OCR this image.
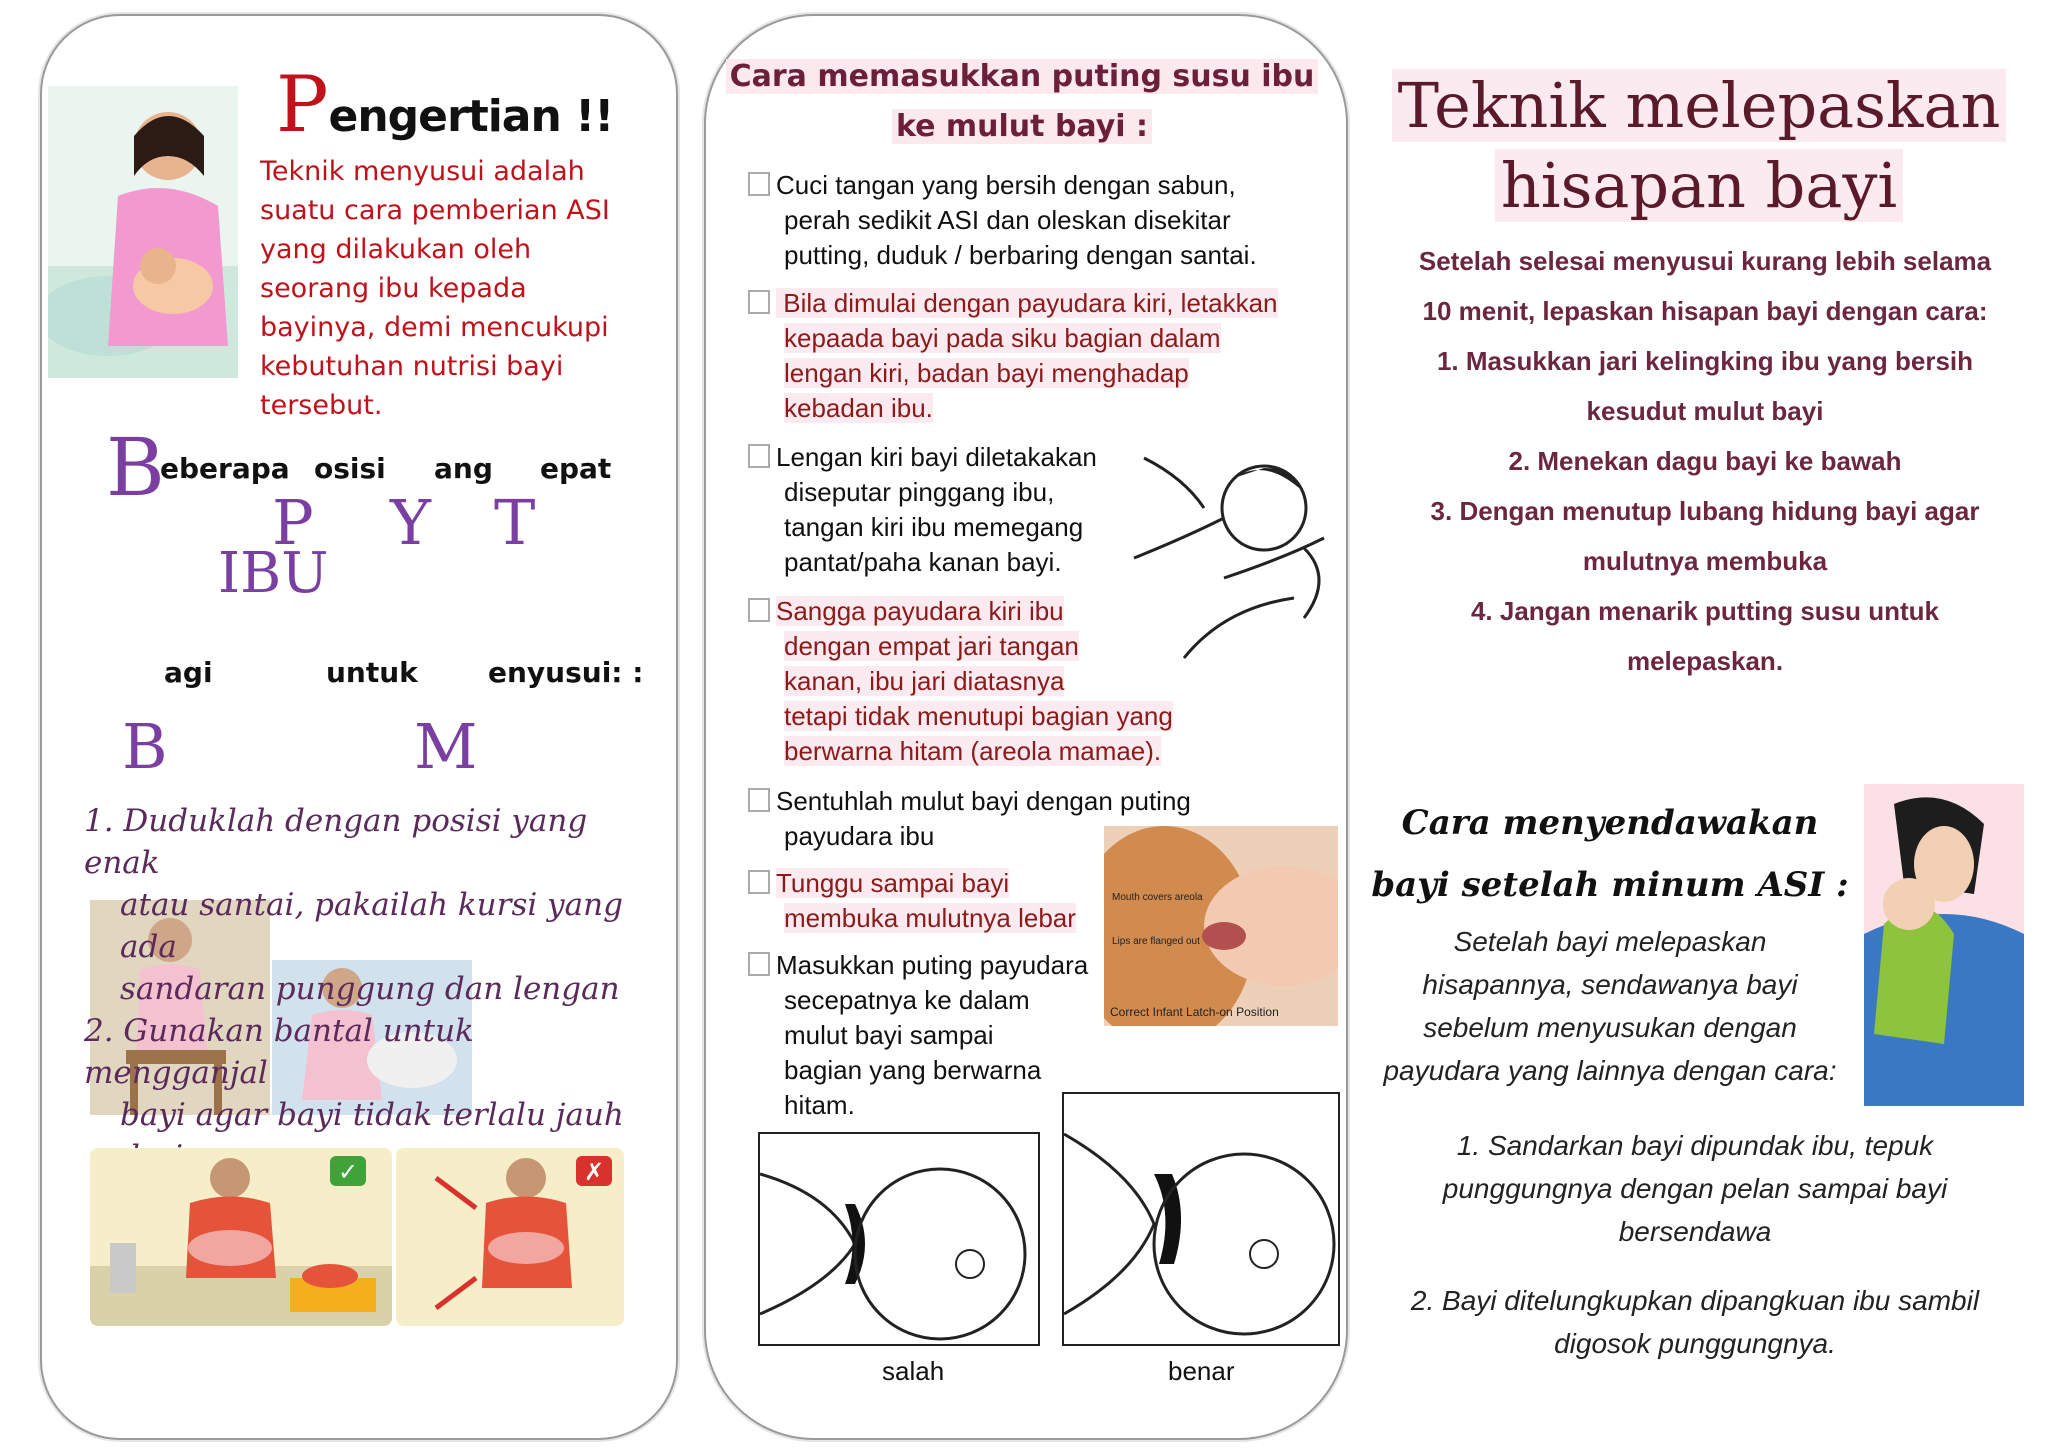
Pengertian !!
Teknik menyusui adalah
suatu cara pemberian ASI
yang dilakukan oleh
seorang ibu kepada
bayinya, demi mencukupi
kebutuhan nutrisi bayi
tersebut.
B
eberapa osisi ang epat
P Y T
IBU
agi	untuk	enyusui: :
B	M
1. Duduklah dengan posisi yang enak
atau santai, pakailah kursi yang ada
sandaran punggung dan lengan
2. Gunakan bantal untuk mengganjal
bayi agar bayi tidak terlalu jauh
✓	✗
Cara memasukkan puting susu ibu
ke mulut bayi :
Cuci tangan yang bersih dengan sabun,
perah sedikit ASI dan oleskan disekitar
putting, duduk / berbaring dengan santai.
Bila dimulai dengan payudara kiri, letakkan
kepaada bayi pada siku bagian dalam
lengan kiri, badan bayi menghadap
kebadan ibu.
Lengan kiri bayi diletakakan
diseputar pinggang ibu,
tangan kiri ibu memegang
pantat/paha kanan bayi.
Sangga payudara kiri ibu
dengan empat jari tangan
kanan, ibu jari diatasnya
tetapi tidak menutupi bagian yang
berwarna hitam (areola mamae).
Sentuhlah mulut bayi dengan puting
payudara ibu
Tunggu sampai bayi
membuka mulutnya lebar
Mouth covers areola
Lips are flanged out
Correct Infant Latch-on Position
Masukkan puting payudara
secepatnya ke dalam
mulut bayi sampai
bagian yang berwarna
hitam.
salah	benar
Teknik melepaskan
hisapan bayi
Setelah selesai menyusui kurang lebih selama
10 menit, lepaskan hisapan bayi dengan cara:
1. Masukkan jari kelingking ibu yang bersih
kesudut mulut bayi
2. Menekan dagu bayi ke bawah
3. Dengan menutup lubang hidung bayi agar
mulutnya membuka
4. Jangan menarik putting susu untuk
melepaskan.
Cara menyendawakan
bayi setelah minum ASI :
Setelah bayi melepaskan
hisapannya, sendawanya bayi
sebelum menyusukan dengan
payudara yang lainnya dengan cara:
1. Sandarkan bayi dipundak ibu, tepuk
punggungnya dengan pelan sampai bayi
bersendawa
2. Bayi ditelungkupkan dipangkuan ibu sambil
digosok punggungnya.
